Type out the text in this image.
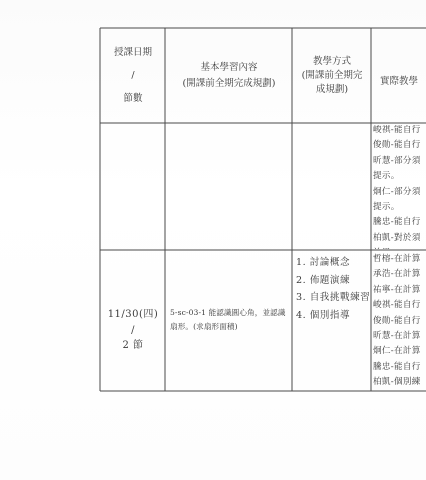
授課日期
/
節數
基本學習內容
(開課前全期完成規劃)
教學方式
(開課前全期完
成規劃)
實際教學
峻祺-能自行
俊勛-能自行
昕慧-部分須
提示。
炯仁-部分須
提示。
騰忠-能自行
柏凱-對於須
11/30(四)
/
2 節
5-sc-03-1 能認識圓心角，並認識
扇形。(求扇形面積)
1. 討論概念
2. 佈題演練
3. 自我挑戰練習
4. 個別指導
哲榕-在計算
承浩-在計算
祐寧-在計算
峻祺-能自行
俊勛-能自行
昕慧-在計算
炯仁-在計算
騰忠-能自行
柏凱-個別練
